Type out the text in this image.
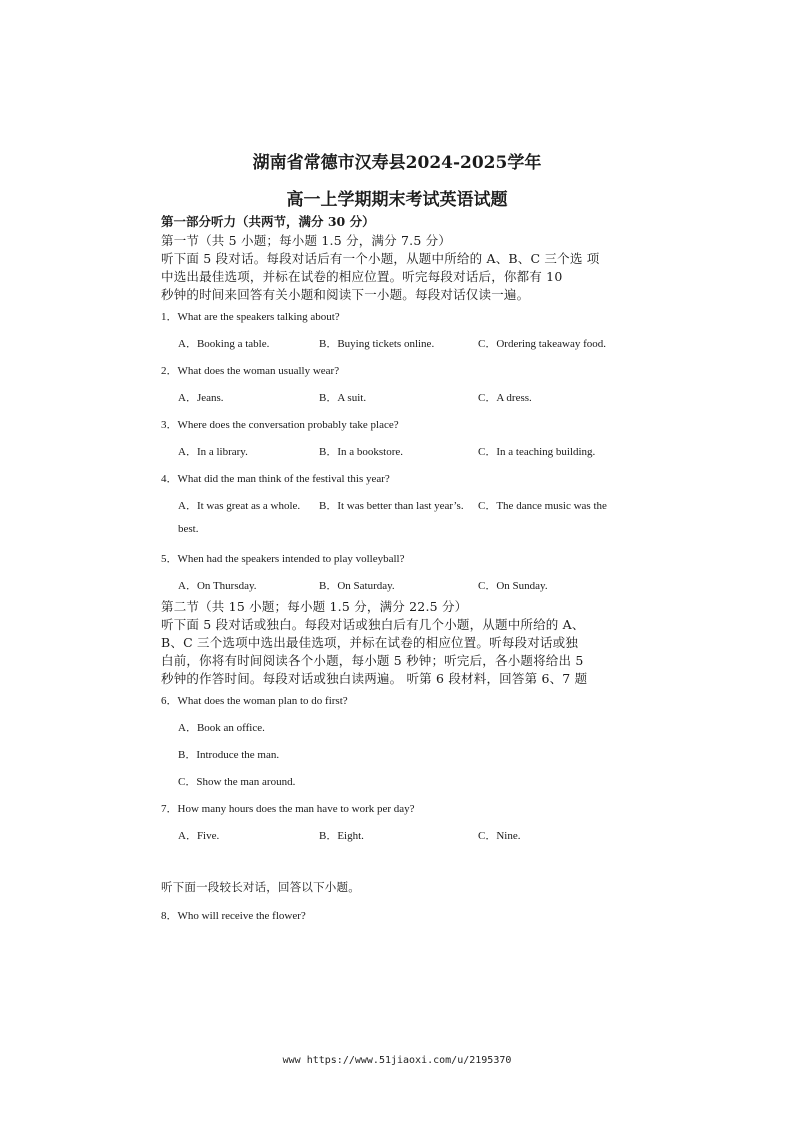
湖南省常德市汉寿县2024-2025学年
高一上学期期末考试英语试题
第一部分听力（共两节，满分 30 分）
第一节（共 5 小题；每小题 1.5 分，满分 7.5 分）
听下面 5 段对话。每段对话后有一个小题，从题中所给的 A、B、C 三个选 项
中选出最佳选项，并标在试卷的相应位置。听完每段对话后，你都有 10
秒钟的时间来回答有关小题和阅读下一小题。每段对话仅读一遍。
1．What are the speakers talking about?
A．Booking a table.	B．Buying tickets online.	C．Ordering takeaway food.
2．What does the woman usually wear?
A．Jeans.	B．A suit.	C．A dress.
3．Where does the conversation probably take place?
A．In a library.	B．In a bookstore.	C．In a teaching building.
4．What did the man think of the festival this year?
A．It was great as a whole. B．It was better than last year’s. C．The dance music was the
best.
5．When had the speakers intended to play volleyball?
A．On Thursday.	B．On Saturday.	C．On Sunday.
第二节（共 15 小题；每小题 1.5 分，满分 22.5 分）
听下面 5 段对话或独白。每段对话或独白后有几个小题，从题中所给的 A、
B、C 三个选项中选出最佳选项，并标在试卷的相应位置。听每段对话或独
白前，你将有时间阅读各个小题，每小题 5 秒钟；听完后，各小题将给出 5
秒钟的作答时间。每段对话或独白读两遍。 听第 6 段材料，回答第 6、7 题
6．What does the woman plan to do first?
A．Book an office.
B．Introduce the man.
C．Show the man around.
7．How many hours does the man have to work per day?
A．Five.	B．Eight.	C．Nine.
听下面一段较长对话，回答以下小题。
8．Who will receive the flower?
www https://www.51jiaoxi.com/u/2195370
